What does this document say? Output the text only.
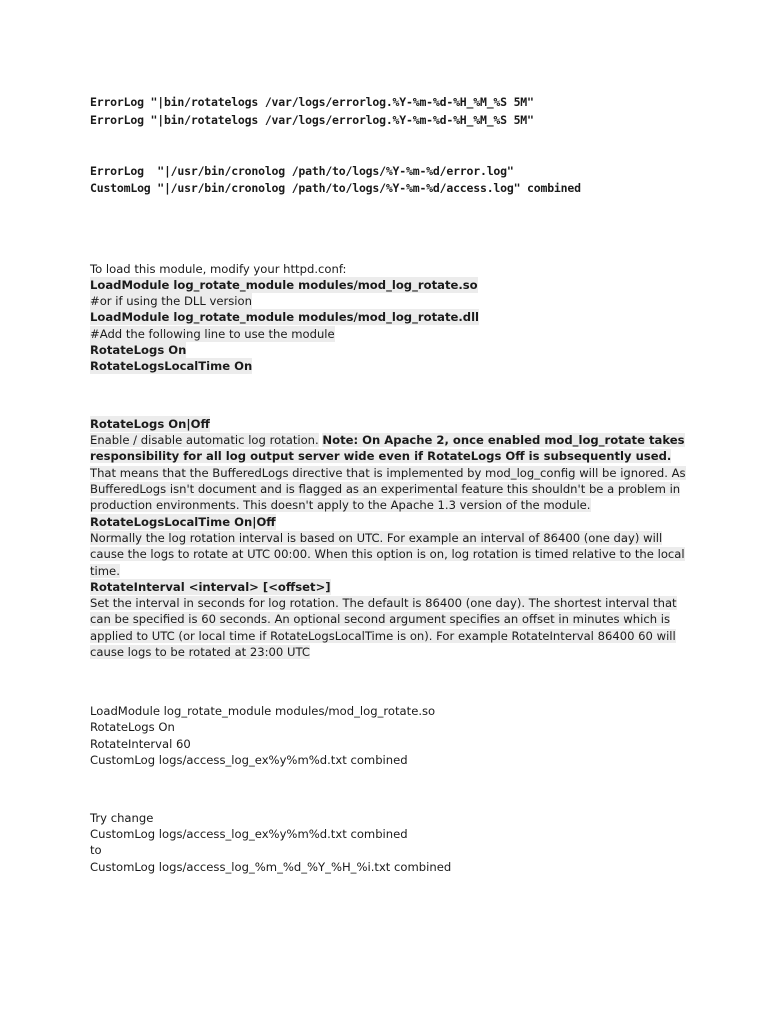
ErrorLog "|bin/rotatelogs /var/logs/errorlog.%Y-%m-%d-%H_%M_%S 5M"

ErrorLog "|bin/rotatelogs /var/logs/errorlog.%Y-%m-%d-%H_%M_%S 5M"

ErrorLog  "|/usr/bin/cronolog /path/to/logs/%Y-%m-%d/error.log"

CustomLog "|/usr/bin/cronolog /path/to/logs/%Y-%m-%d/access.log" combined

To load this module, modify your httpd.conf:

LoadModule log_rotate_module modules/mod_log_rotate.so

#or if using the DLL version

LoadModule log_rotate_module modules/mod_log_rotate.dll

#Add the following line to use the module

RotateLogs On

RotateLogsLocalTime On

RotateLogs On|Off

Enable / disable automatic log rotation. Note: On Apache 2, once enabled mod_log_rotate takes responsibility for all log output server wide even if RotateLogs Off is subsequently used. That means that the BufferedLogs directive that is implemented by mod_log_config will be ignored. As BufferedLogs isn't document and is flagged as an experimental feature this shouldn't be a problem in production environments. This doesn't apply to the Apache 1.3 version of the module.

RotateLogsLocalTime On|Off

Normally the log rotation interval is based on UTC. For example an interval of 86400 (one day) will cause the logs to rotate at UTC 00:00. When this option is on, log rotation is timed relative to the local time.

RotateInterval <interval> [<offset>]

Set the interval in seconds for log rotation. The default is 86400 (one day). The shortest interval that can be specified is 60 seconds. An optional second argument specifies an offset in minutes which is applied to UTC (or local time if RotateLogsLocalTime is on). For example RotateInterval 86400 60 will cause logs to be rotated at 23:00 UTC

LoadModule log_rotate_module modules/mod_log_rotate.so

RotateLogs On

RotateInterval 60

CustomLog logs/access_log_ex%y%m%d.txt combined

Try change

CustomLog logs/access_log_ex%y%m%d.txt combined

to

CustomLog logs/access_log_%m_%d_%Y_%H_%i.txt combined
